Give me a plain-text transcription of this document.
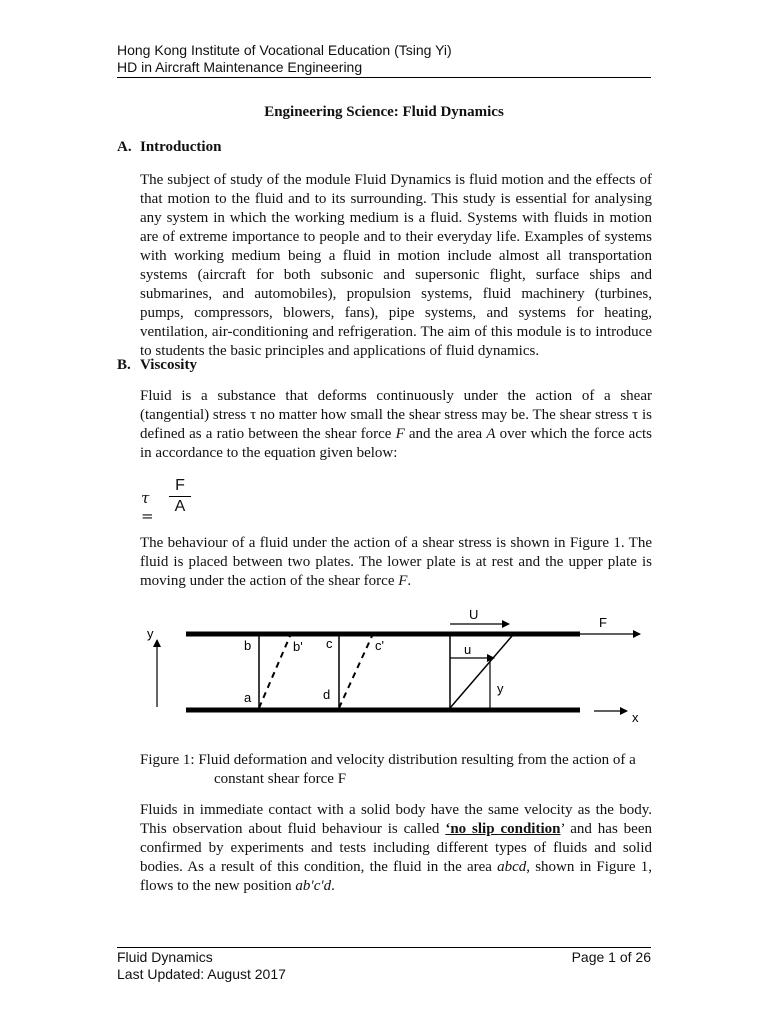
Hong Kong Institute of Vocational Education (Tsing Yi)
HD in Aircraft Maintenance Engineering
Engineering Science: Fluid Dynamics
A. Introduction
The subject of study of the module Fluid Dynamics is fluid motion and the effects of that motion to the fluid and to its surrounding. This study is essential for analysing any system in which the working medium is a fluid. Systems with fluids in motion are of extreme importance to people and to their everyday life. Examples of systems with working medium being a fluid in motion include almost all transportation systems (aircraft for both subsonic and supersonic flight, surface ships and submarines, and automobiles), propulsion systems, fluid machinery (turbines, pumps, compressors, blowers, fans), pipe systems, and systems for heating, ventilation, air-conditioning and refrigeration. The aim of this module is to introduce to students the basic principles and applications of fluid dynamics.
B. Viscosity
Fluid is a substance that deforms continuously under the action of a shear (tangential) stress τ no matter how small the shear stress may be. The shear stress τ is defined as a ratio between the shear force F and the area A over which the force acts in accordance to the equation given below:
τ =
F
A
The behaviour of a fluid under the action of a shear stress is shown in Figure 1. The fluid is placed between two plates. The lower plate is at rest and the upper plate is moving under the action of the shear force F.
U
F
y
b	b' c	c'	u
y
a	d
x
Figure 1: Fluid deformation and velocity distribution resulting from the action of a
constant shear force F
Fluids in immediate contact with a solid body have the same velocity as the body. This observation about fluid behaviour is called ‘no slip condition’ and has been confirmed by experiments and tests including different types of fluids and solid bodies. As a result of this condition, the fluid in the area abcd, shown in Figure 1, flows to the new position ab′c′d.
Fluid Dynamics
Last Updated: August 2017
Page 1 of 26
